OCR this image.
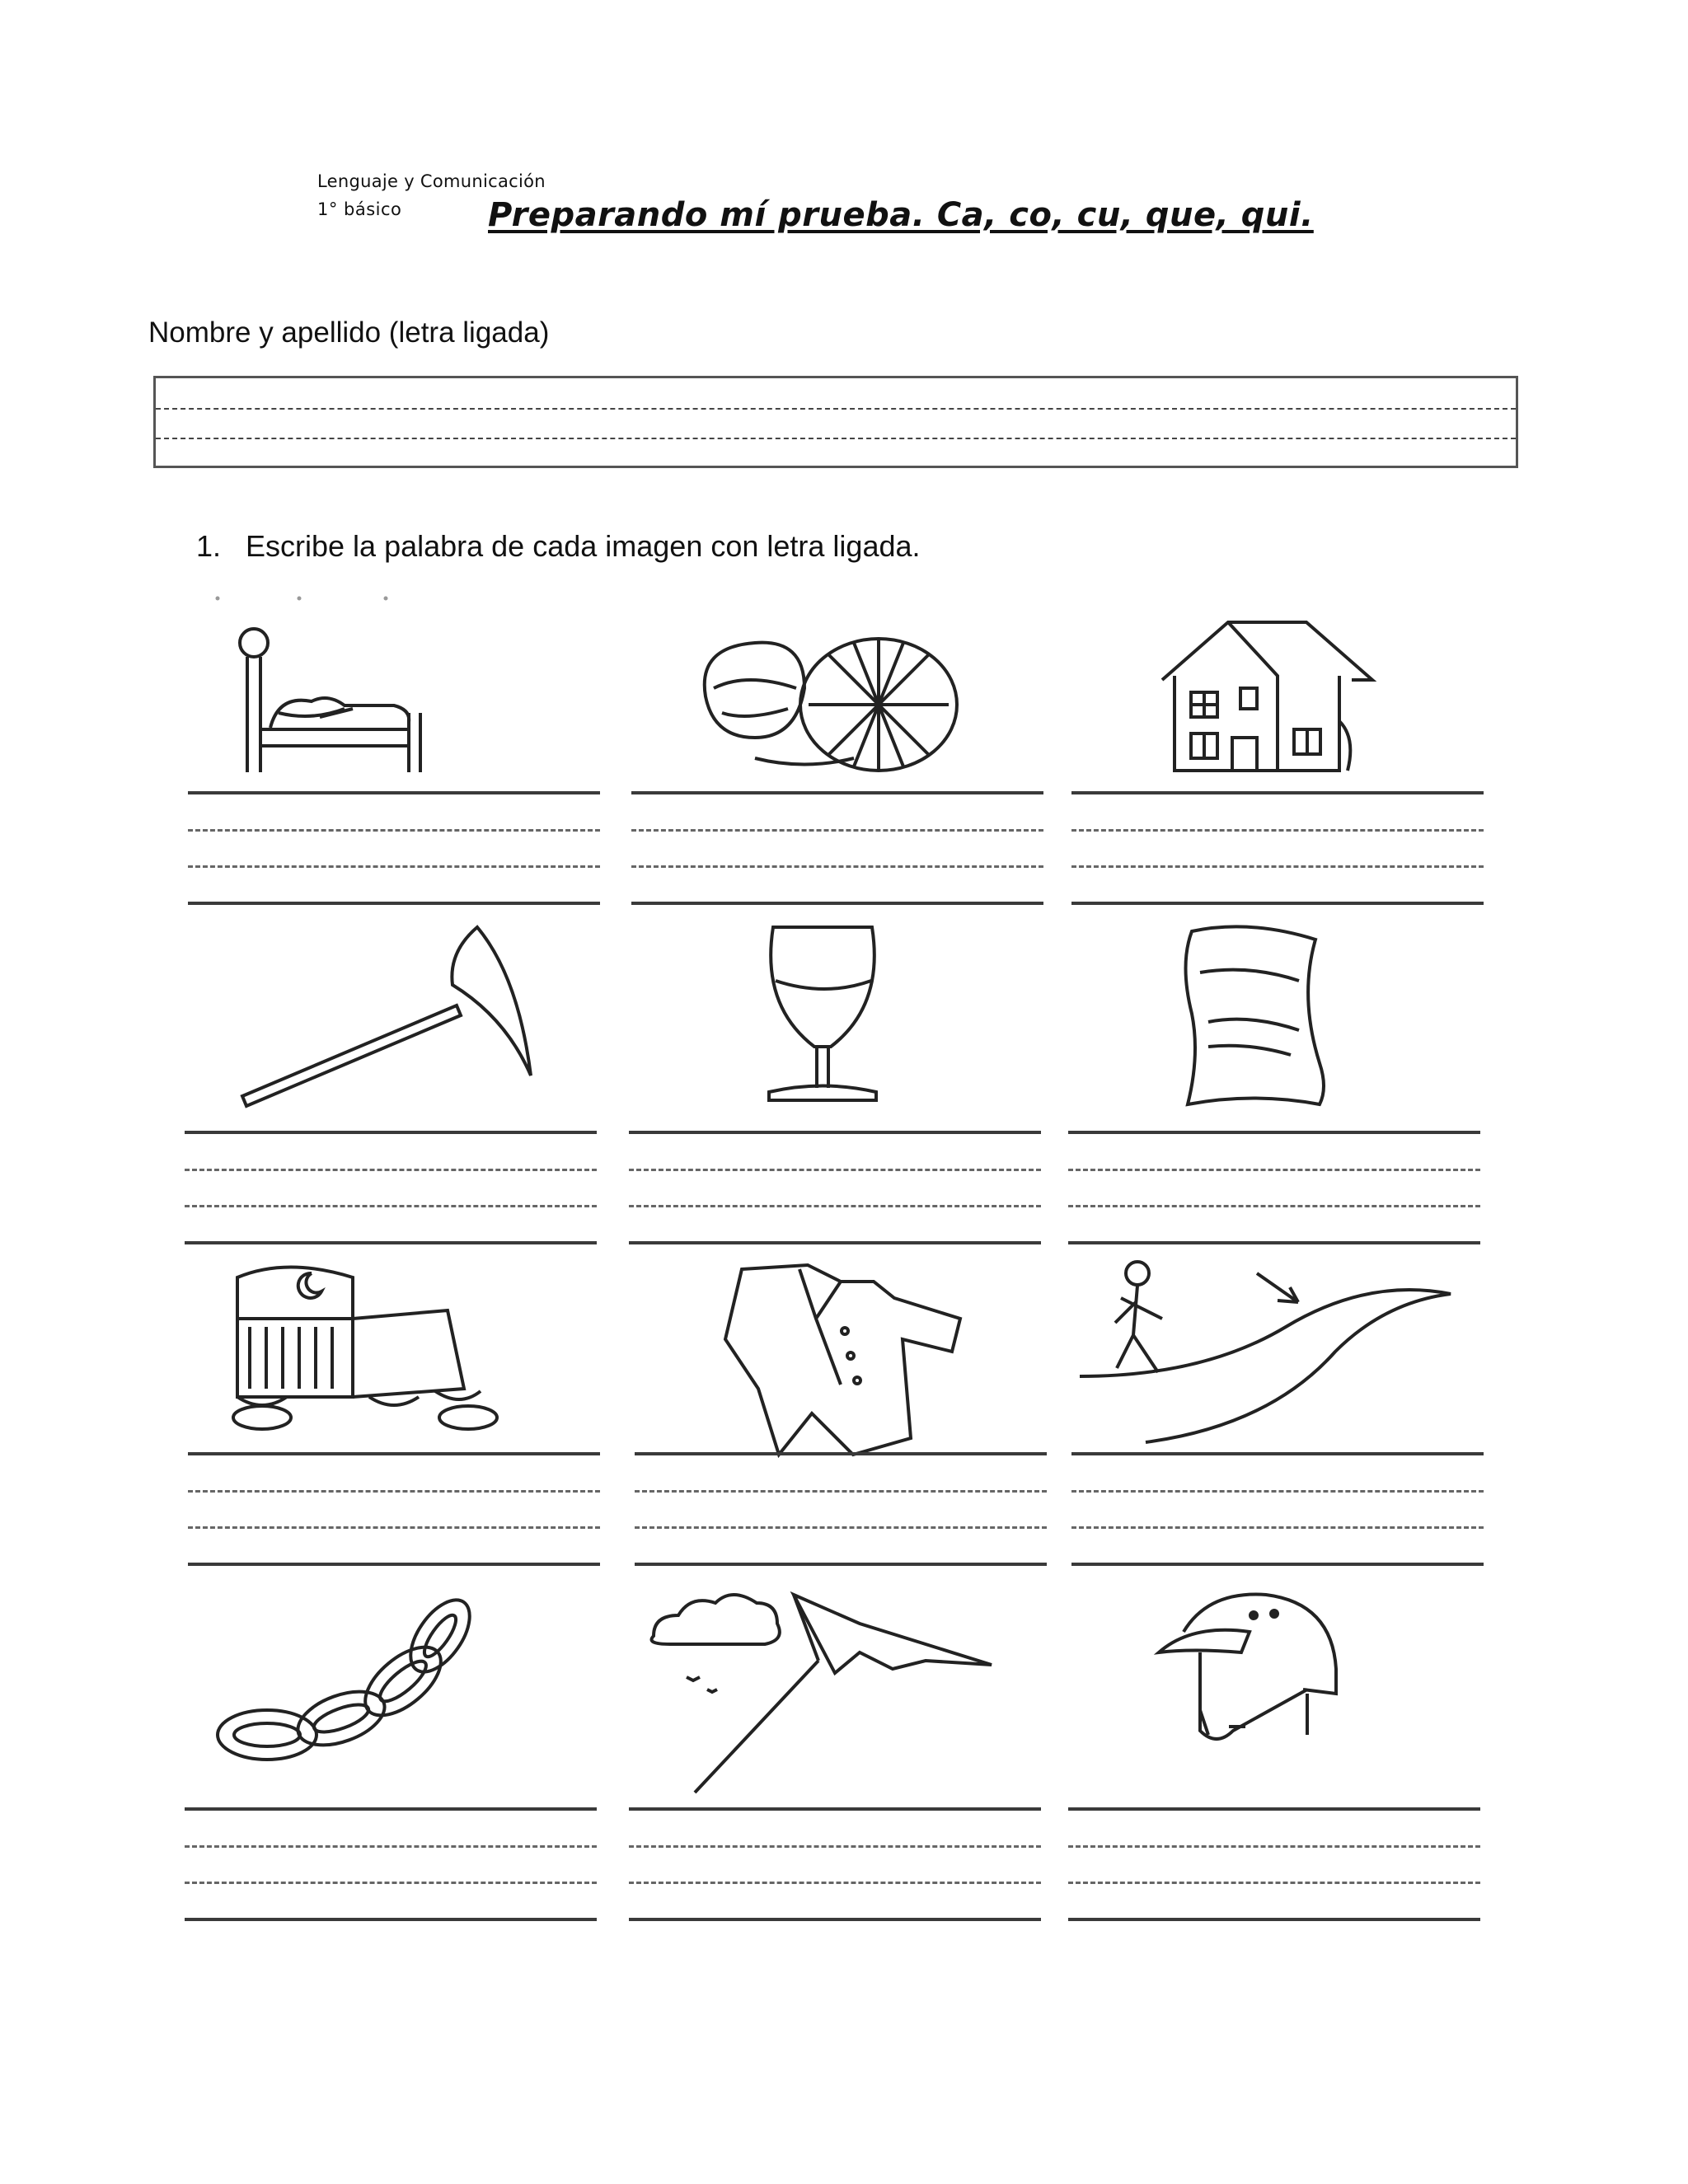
Lenguaje y Comunicación
1° básico	Preparando mí prueba. Ca, co, cu, que, qui.
Nombre y apellido (letra ligada)
1. Escribe la palabra de cada imagen con letra ligada.
